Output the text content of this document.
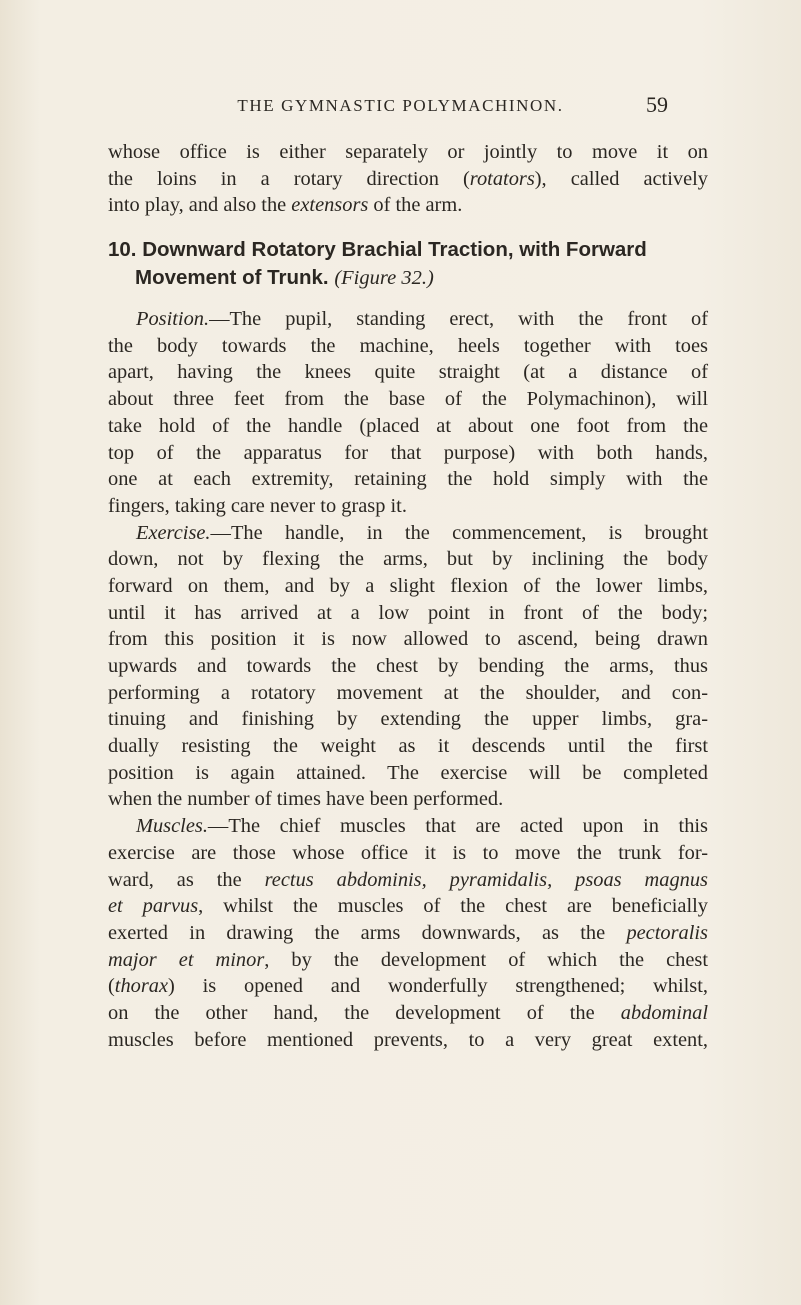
THE GYMNASTIC POLYMACHINON.	59
whose office is either separately or jointly to move it on
the loins in a rotary direction (rotators), called actively
into play, and also the extensors of the arm.
10. Downward Rotatory Brachial Traction, with Forward
Movement of Trunk. (Figure 32.)
Position.—The pupil, standing erect, with the front of
the body towards the machine, heels together with toes
apart, having the knees quite straight (at a distance of
about three feet from the base of the Polymachinon), will
take hold of the handle (placed at about one foot from the
top of the apparatus for that purpose) with both hands,
one at each extremity, retaining the hold simply with the
fingers, taking care never to grasp it.
Exercise.—The handle, in the commencement, is brought
down, not by flexing the arms, but by inclining the body
forward on them, and by a slight flexion of the lower limbs,
until it has arrived at a low point in front of the body;
from this position it is now allowed to ascend, being drawn
upwards and towards the chest by bending the arms, thus
performing a rotatory movement at the shoulder, and con-
tinuing and finishing by extending the upper limbs, gra-
dually resisting the weight as it descends until the first
position is again attained. The exercise will be completed
when the number of times have been performed.
Muscles.—The chief muscles that are acted upon in this
exercise are those whose office it is to move the trunk for-
ward, as the rectus abdominis, pyramidalis, psoas magnus
et parvus, whilst the muscles of the chest are beneficially
exerted in drawing the arms downwards, as the pectoralis
major et minor, by the development of which the chest
(thorax) is opened and wonderfully strengthened; whilst,
on the other hand, the development of the abdominal
muscles before mentioned prevents, to a very great extent,
